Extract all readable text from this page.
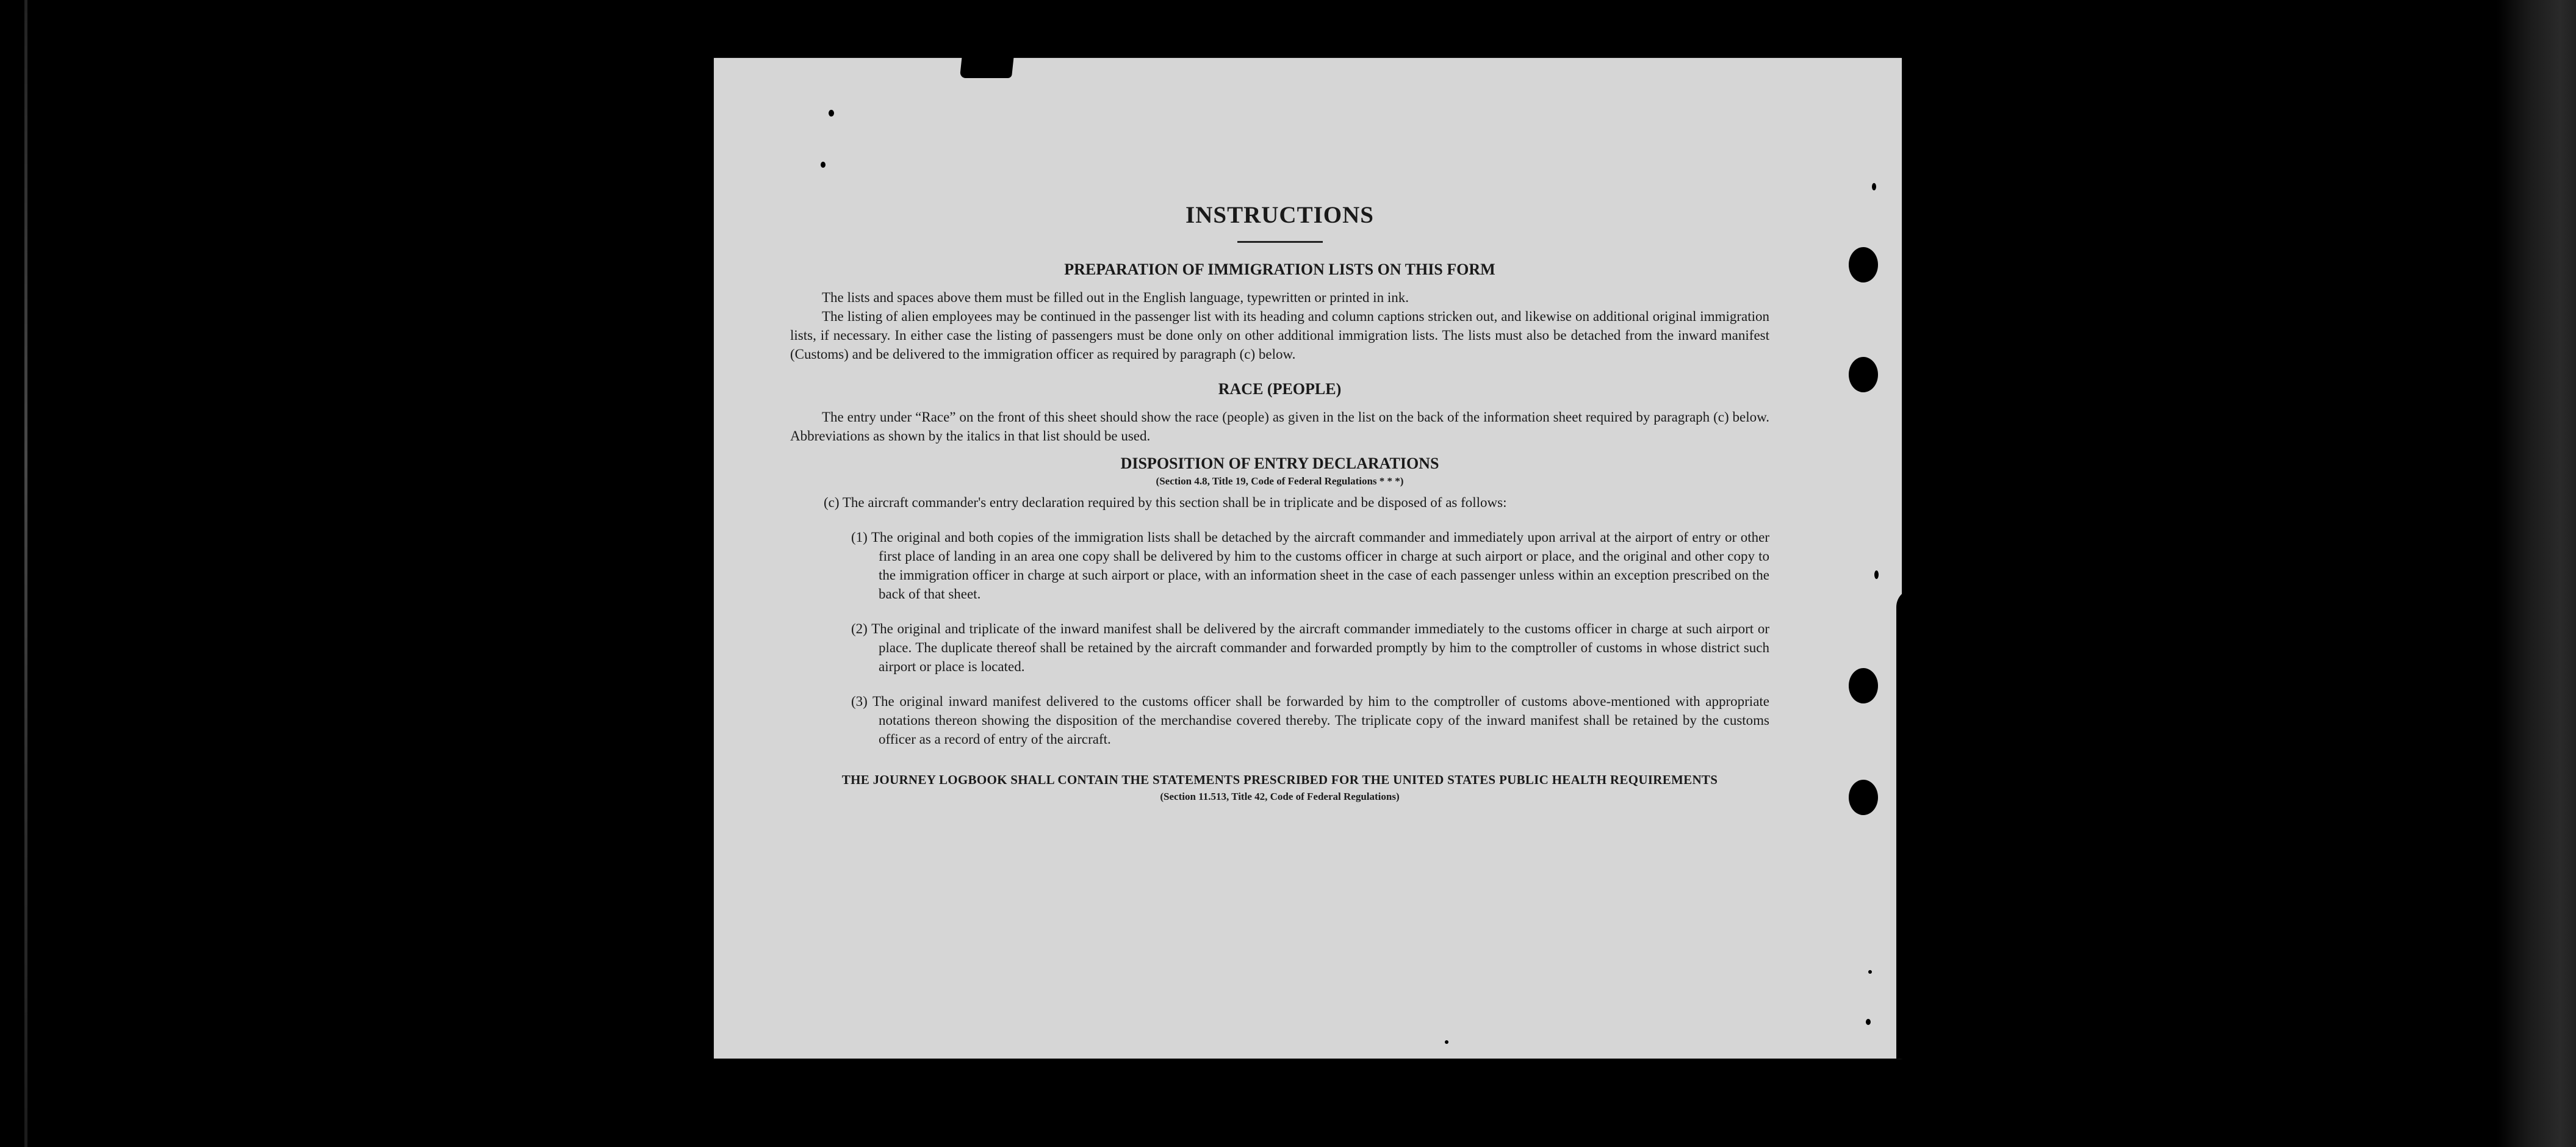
INSTRUCTIONS
PREPARATION OF IMMIGRATION LISTS ON THIS FORM

The lists and spaces above them must be filled out in the English language, typewritten or printed in ink.

The listing of alien employees may be continued in the passenger list with its heading and column captions stricken out, and likewise on additional original immigration lists, if necessary. In either case the listing of passengers must be done only on other additional immigration lists. The lists must also be detached from the inward manifest (Customs) and be delivered to the immigration officer as required by paragraph (c) below.

RACE (PEOPLE)

The entry under “Race” on the front of this sheet should show the race (people) as given in the list on the back of the information sheet required by paragraph (c) below. Abbreviations as shown by the italics in that list should be used.

DISPOSITION OF ENTRY DECLARATIONS

(Section 4.8, Title 19, Code of Federal Regulations * * *)

(c) The aircraft commander's entry declaration required by this section shall be in triplicate and be disposed of as follows:

(1) The original and both copies of the immigration lists shall be detached by the aircraft commander and immediately upon arrival at the airport of entry or other first place of landing in an area one copy shall be delivered by him to the customs officer in charge at such airport or place, and the original and other copy to the immigration officer in charge at such airport or place, with an information sheet in the case of each passenger unless within an exception prescribed on the back of that sheet.

(2) The original and triplicate of the inward manifest shall be delivered by the aircraft commander immediately to the customs officer in charge at such airport or place. The duplicate thereof shall be retained by the aircraft commander and forwarded promptly by him to the comptroller of customs in whose district such airport or place is located.

(3) The original inward manifest delivered to the customs officer shall be forwarded by him to the comptroller of customs above-mentioned with appropriate notations thereon showing the disposition of the merchandise covered thereby. The triplicate copy of the inward manifest shall be retained by the customs officer as a record of entry of the aircraft.

THE JOURNEY LOGBOOK SHALL CONTAIN THE STATEMENTS PRESCRIBED FOR THE UNITED STATES PUBLIC HEALTH REQUIREMENTS

(Section 11.513, Title 42, Code of Federal Regulations)
